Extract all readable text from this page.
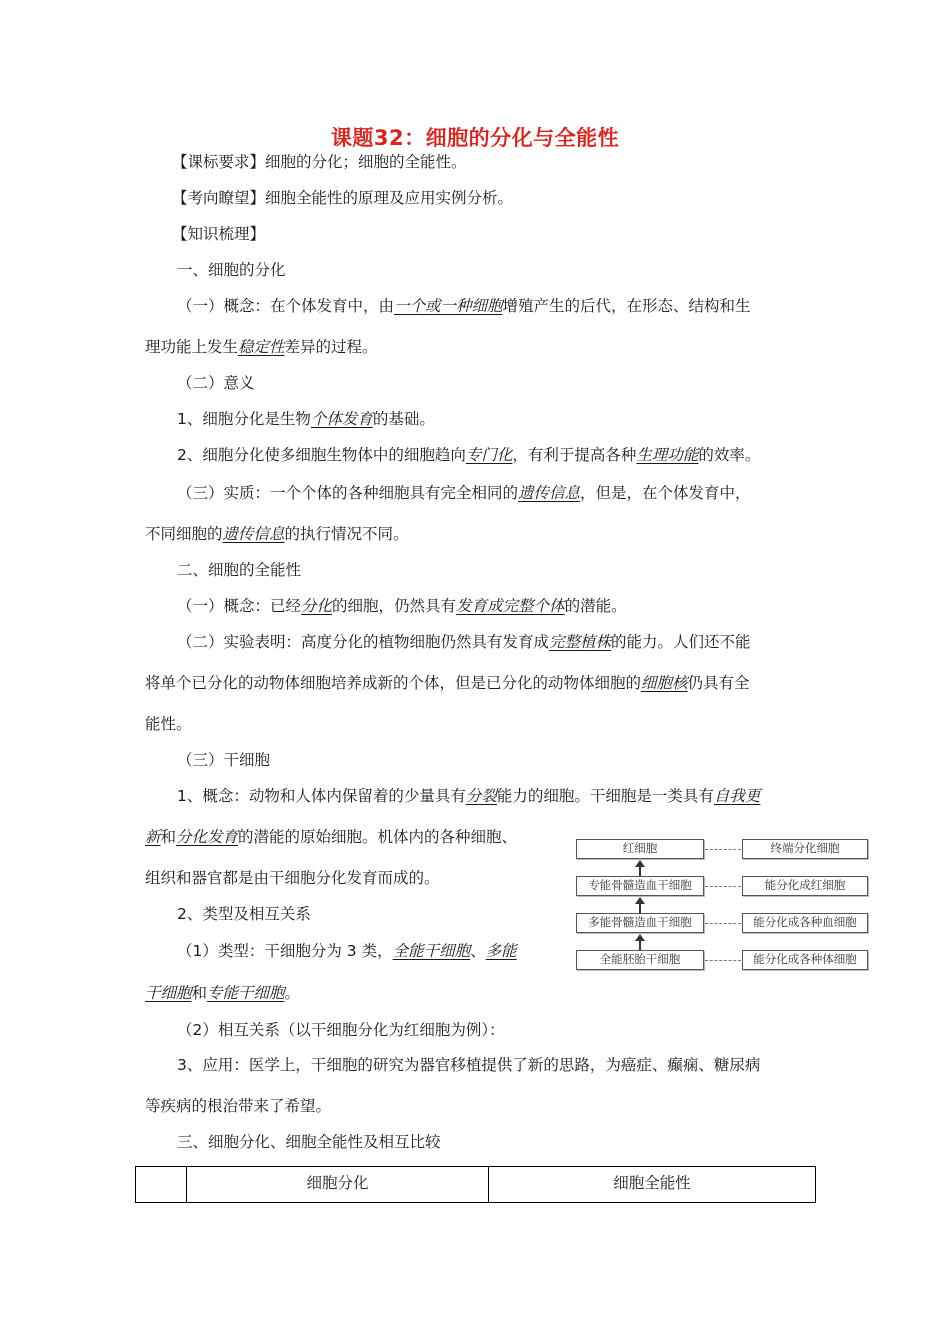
课题32：细胞的分化与全能性
【课标要求】细胞的分化；细胞的全能性。
【考向瞭望】细胞全能性的原理及应用实例分析。
【知识梳理】
一、细胞的分化
（一）概念：在个体发育中，由一个或一种细胞增殖产生的后代，在形态、结构和生
理功能上发生稳定性差异的过程。
（二）意义
1、细胞分化是生物个体发育的基础。
2、细胞分化使多细胞生物体中的细胞趋向专门化，有利于提高各种生理功能的效率。
（三）实质：一个个体的各种细胞具有完全相同的遗传信息，但是，在个体发育中，
不同细胞的遗传信息的执行情况不同。
二、细胞的全能性
（一）概念：已经分化的细胞，仍然具有发育成完整个体的潜能。
（二）实验表明：高度分化的植物细胞仍然具有发育成完整植株的能力。人们还不能
将单个已分化的动物体细胞培养成新的个体，但是已分化的动物体细胞的细胞核仍具有全
能性。
（三）干细胞
1、概念：动物和人体内保留着的少量具有分裂能力的细胞。干细胞是一类具有自我更
新和分化发育的潜能的原始细胞。机体内的各种细胞、
组织和器官都是由干细胞分化发育而成的。
2、类型及相互关系
（1）类型：干细胞分为 3 类，全能干细胞、多能
干细胞和专能干细胞。
（2）相互关系（以干细胞分化为红细胞为例）：
3、应用：医学上，干细胞的研究为器官移植提供了新的思路，为癌症、癫痫、糖尿病
等疾病的根治带来了希望。
三、细胞分化、细胞全能性及相互比较
红细胞	终端分化细胞
专能骨髓造血干细胞	能分化成红细胞
多能骨髓造血干细胞	能分化成各种血细胞
全能胚胎干细胞	能分化成各种体细胞
	细胞分化	细胞全能性
